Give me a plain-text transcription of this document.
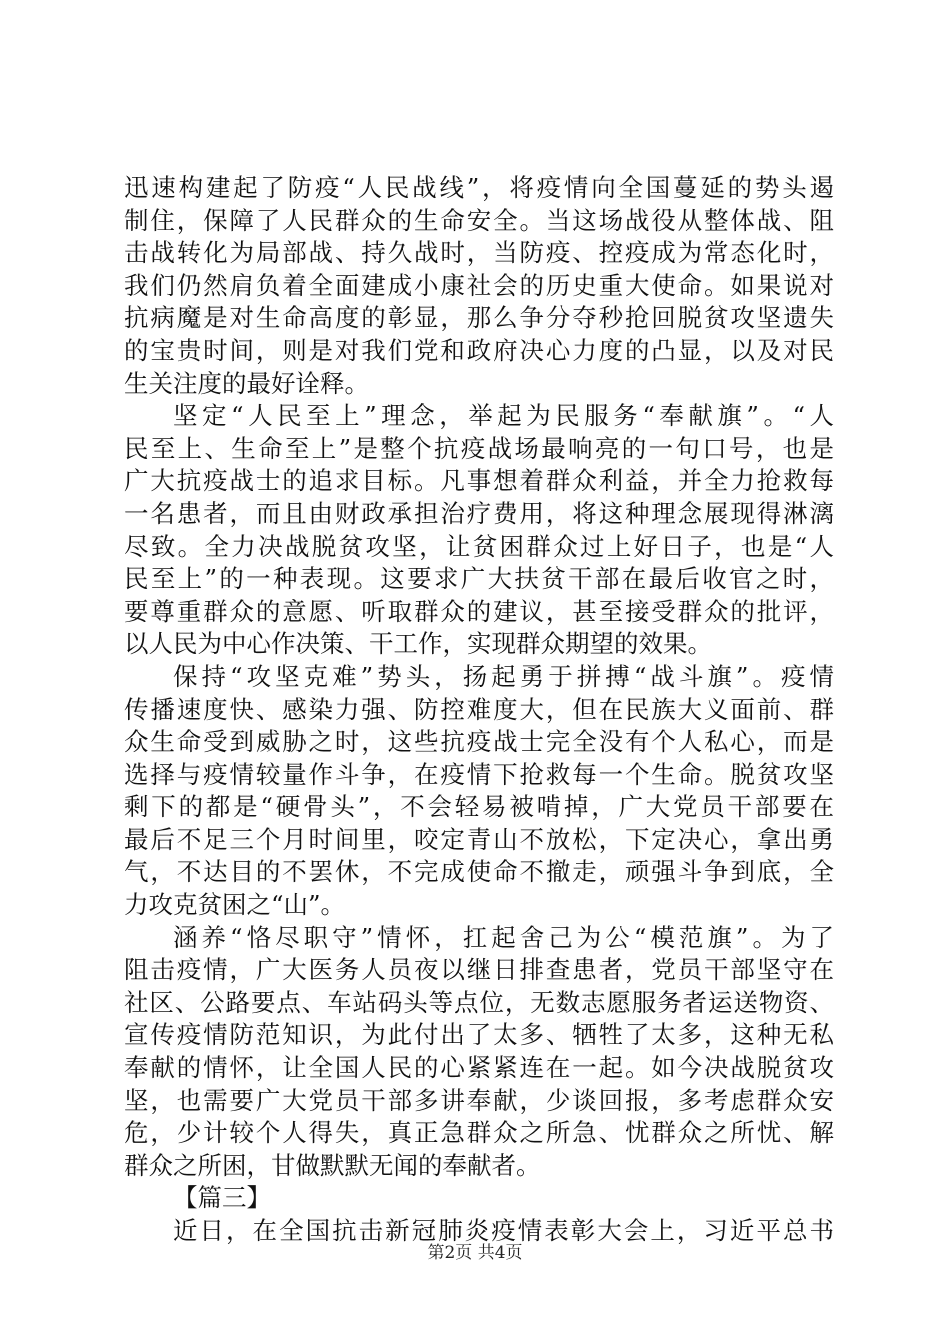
迅速构建起了防疫“人民战线”，将疫情向全国蔓延的势头遏
制住，保障了人民群众的生命安全。当这场战役从整体战、阻
击战转化为局部战、持久战时，当防疫、控疫成为常态化时，
我们仍然肩负着全面建成小康社会的历史重大使命。如果说对
抗病魔是对生命高度的彰显，那么争分夺秒抢回脱贫攻坚遗失
的宝贵时间，则是对我们党和政府决心力度的凸显，以及对民
生关注度的最好诠释。
坚定“人民至上”理念，举起为民服务“奉献旗”。“人
民至上、生命至上”是整个抗疫战场最响亮的一句口号，也是
广大抗疫战士的追求目标。凡事想着群众利益，并全力抢救每
一名患者，而且由财政承担治疗费用，将这种理念展现得淋漓
尽致。全力决战脱贫攻坚，让贫困群众过上好日子，也是“人
民至上”的一种表现。这要求广大扶贫干部在最后收官之时，
要尊重群众的意愿、听取群众的建议，甚至接受群众的批评，
以人民为中心作决策、干工作，实现群众期望的效果。
保持“攻坚克难”势头，扬起勇于拼搏“战斗旗”。疫情
传播速度快、感染力强、防控难度大，但在民族大义面前、群
众生命受到威胁之时，这些抗疫战士完全没有个人私心，而是
选择与疫情较量作斗争，在疫情下抢救每一个生命。脱贫攻坚
剩下的都是“硬骨头”，不会轻易被啃掉，广大党员干部要在
最后不足三个月时间里，咬定青山不放松，下定决心，拿出勇
气，不达目的不罢休，不完成使命不撤走，顽强斗争到底，全
力攻克贫困之“山”。
涵养“恪尽职守”情怀，扛起舍己为公“模范旗”。为了
阻击疫情，广大医务人员夜以继日排查患者，党员干部坚守在
社区、公路要点、车站码头等点位，无数志愿服务者运送物资、
宣传疫情防范知识，为此付出了太多、牺牲了太多，这种无私
奉献的情怀，让全国人民的心紧紧连在一起。如今决战脱贫攻
坚，也需要广大党员干部多讲奉献，少谈回报，多考虑群众安
危，少计较个人得失，真正急群众之所急、忧群众之所忧、解
群众之所困，甘做默默无闻的奉献者。
【篇三】
近日，在全国抗击新冠肺炎疫情表彰大会上，习近平总书
第2页 共4页
